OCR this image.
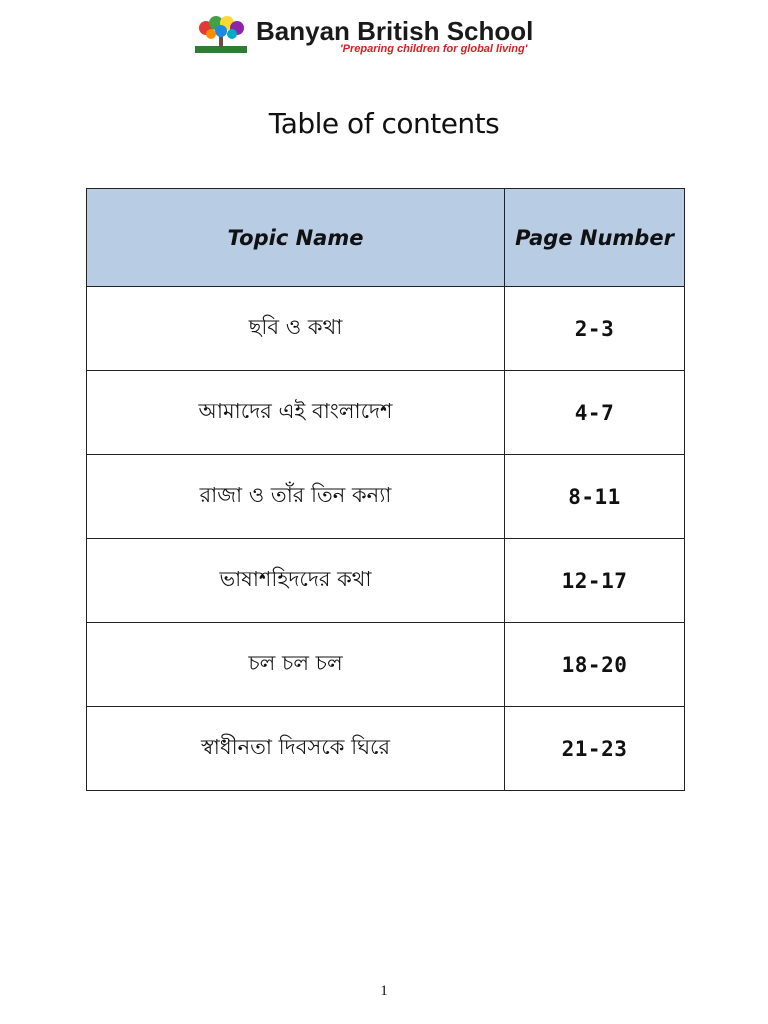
Banyan British School
'Preparing children for global living'
Table of contents
Topic Name	Page Number
ছবি ও কথা	2-3
আমাদের এই বাংলাদেশ	4-7
রাজা ও তাঁর তিন কন্যা	8-11
ভাষাশহিদদের কথা	12-17
চল চল চল	18-20
স্বাধীনতা দিবসকে ঘিরে	21-23
1
